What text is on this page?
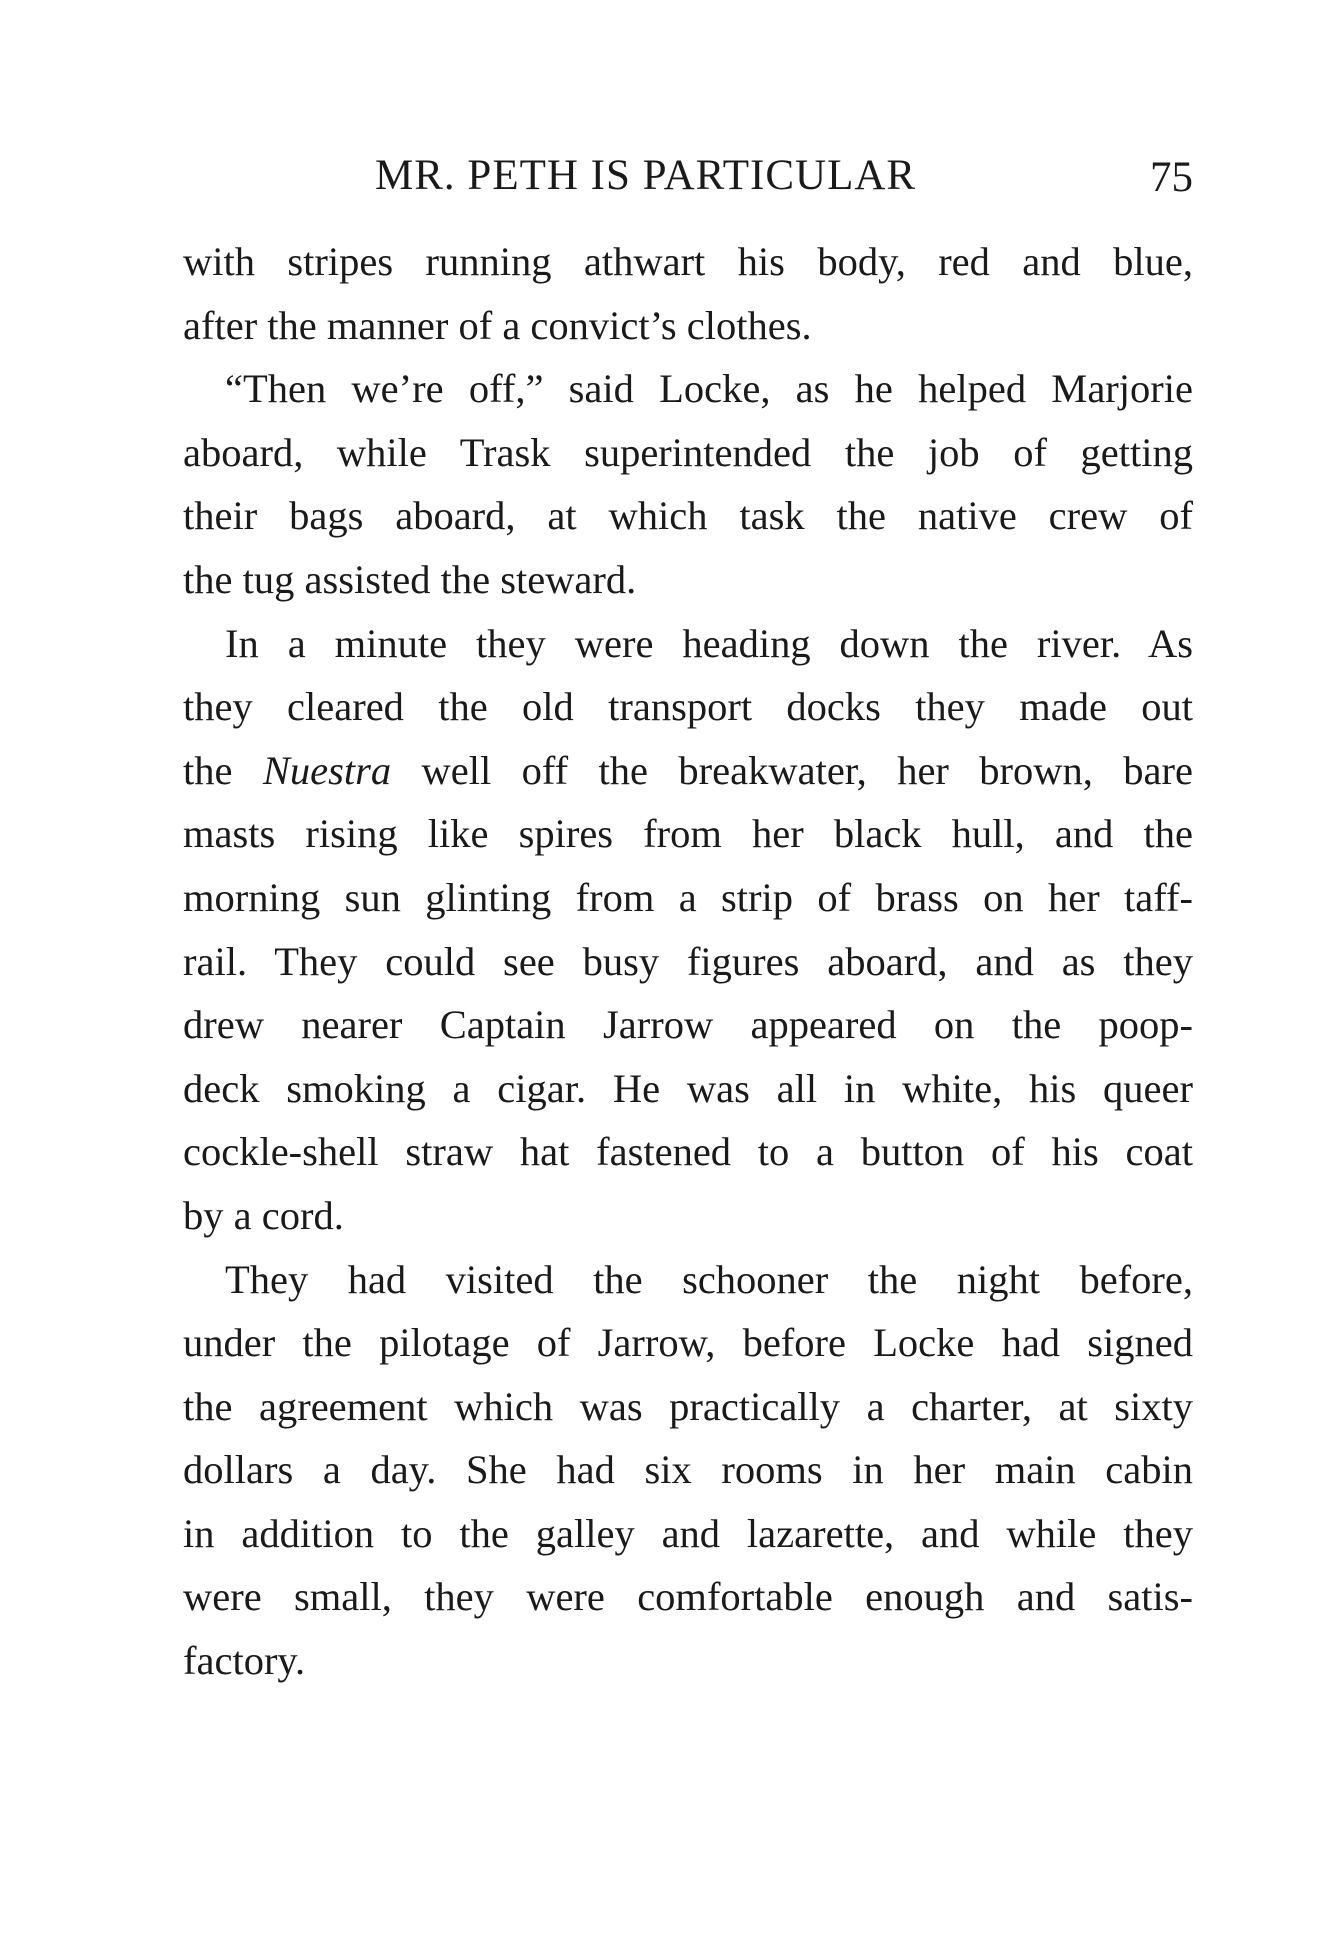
MR. PETH IS PARTICULAR	75

with stripes running athwart his body, red and blue,
after the manner of a convict’s clothes.

“Then we’re off,” said Locke, as he helped Marjorie
aboard, while Trask superintended the job of getting
their bags aboard, at which task the native crew of
the tug assisted the steward.

In a minute they were heading down the river. As
they cleared the old transport docks they made out
the Nuestra well off the breakwater, her brown, bare
masts rising like spires from her black hull, and the
morning sun glinting from a strip of brass on her taff-
rail. They could see busy figures aboard, and as they
drew nearer Captain Jarrow appeared on the poop-
deck smoking a cigar. He was all in white, his queer
cockle-shell straw hat fastened to a button of his coat
by a cord.

They had visited the schooner the night before,
under the pilotage of Jarrow, before Locke had signed
the agreement which was practically a charter, at sixty
dollars a day. She had six rooms in her main cabin
in addition to the galley and lazarette, and while they
were small, they were comfortable enough and satis-
factory.
